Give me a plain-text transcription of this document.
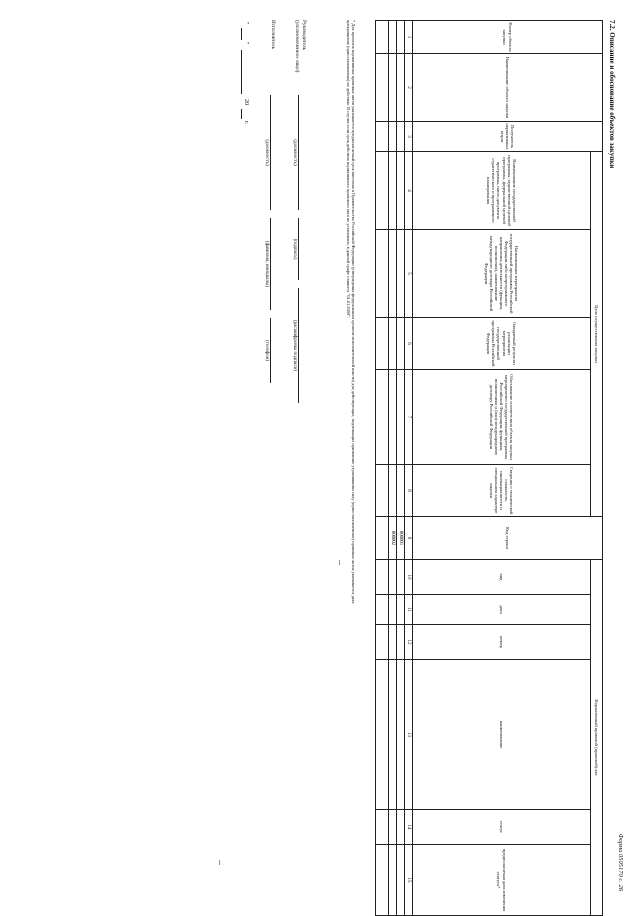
Форма 0505170 с. 26
7.2. Описание и обоснование объектов закупки
Номер объекта закупки	Наименование объекта закупки	Получатель нормативных затрат	Цель осуществления закупки					Код строки	Нормативный правовой (правовой) акт					
			Наименование государственной программы, ведомственной целевой программы, федеральной целевой программы, иного документа стратегического и программного планирования	Наименование мероприятия государственной программы Российской Федерации либо непрограммного направления деятельности (функции, полномочия), наименование международного договора Российской Федерации	Ожидаемый результат реализации мероприятия государственной программы Российской Федерации	Обоснование соответствия объекта закупки мероприятию государственной программы Российской Федерации, функциям, полномочиям и (или) международному договору Российской Федерации	Сведения о технической сложности, инновационности и специальном характере закупки		вид	дата	номер	наименование	статус	предполагаемая дата изменения статуса*

1	2	3	4	5	6	7	8	9	10	11	12	13	14	15
								000001						
								000002						

* Для проектов нормативных правовых актов указывается предполагаемый срок внесения в Правительство Российской Федерации (утверждения федеральным органом исполнительной власти) для действующих, подлежащих признанию утратившими силу (приостановленных) правовых актов указывается дата прекращения (приостановления) их действия. В случае если срок действия нормативного правового акта не установлен, в данной графе ставится "01.01.2099".
Руководитель
(уполномоченное лицо)
(должность)
(подпись)
(расшифровка подписи)
Исполнитель
(должность)
(фамилия, инициалы)
(телефон)
"
"
20
г.
